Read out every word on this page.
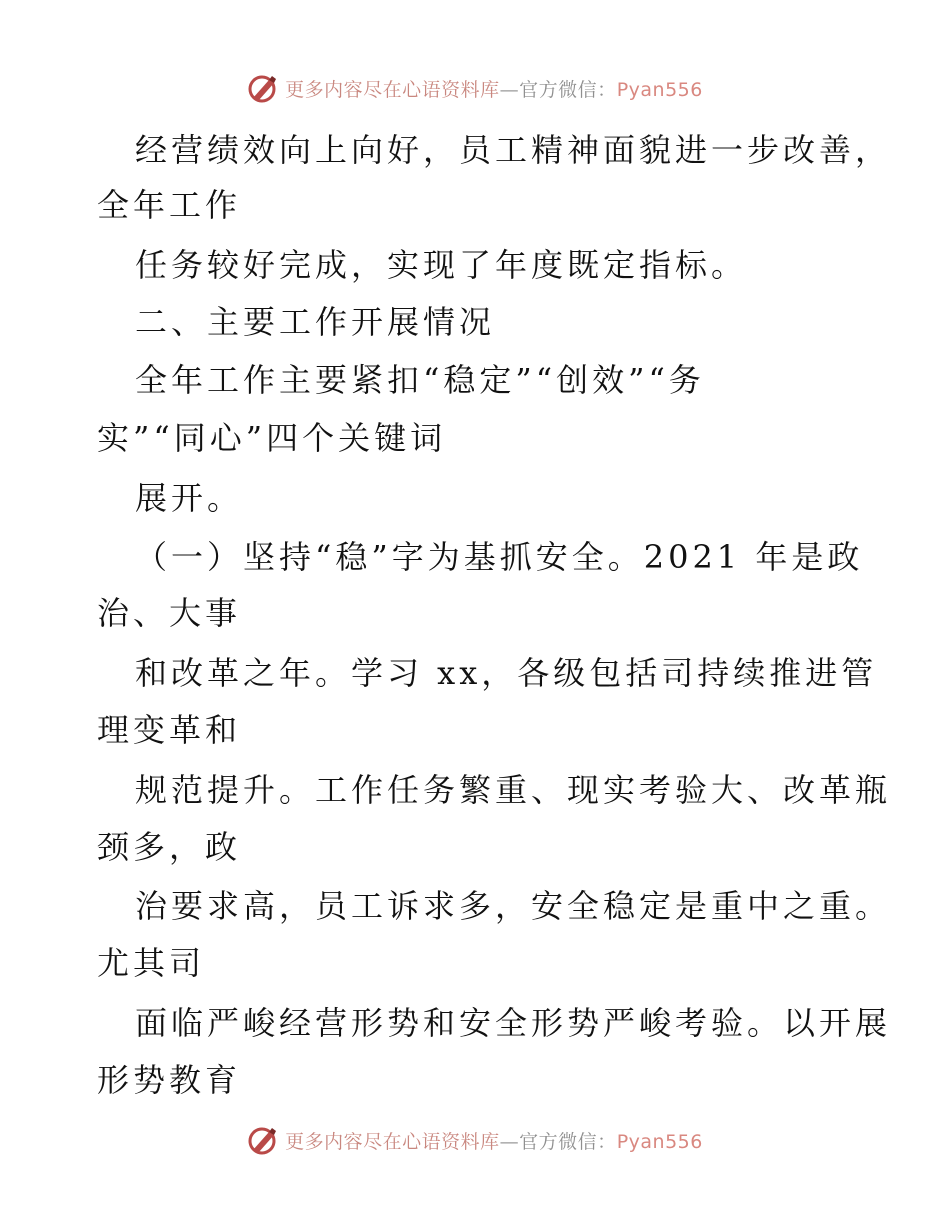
更多内容尽在心语资料库—官方微信：Pyan556
经营绩效向上向好，员工精神面貌进一步改善，
全年工作
任务较好完成，实现了年度既定指标。
二、主要工作开展情况
全年工作主要紧扣“稳定”“创效”“务
实”“同心”四个关键词
展开。
（一）坚持“稳”字为基抓安全。2021 年是政
治、大事
和改革之年。学习 xx，各级包括司持续推进管
理变革和
规范提升。工作任务繁重、现实考验大、改革瓶
颈多，政
治要求高，员工诉求多，安全稳定是重中之重。
尤其司
面临严峻经营形势和安全形势严峻考验。以开展
形势教育
更多内容尽在心语资料库—官方微信：Pyan556
